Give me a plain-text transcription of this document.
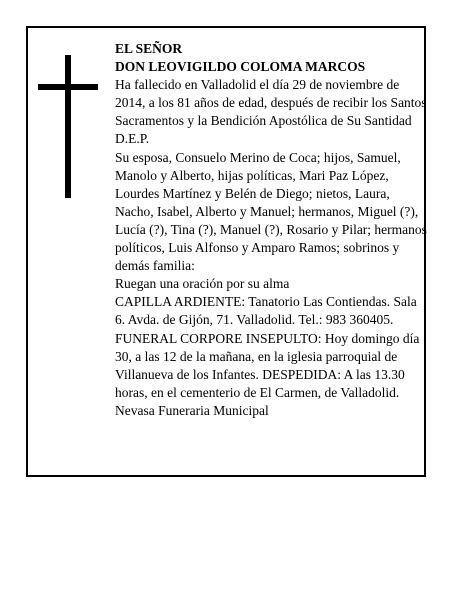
EL SEÑOR

DON LEOVIGILDO COLOMA MARCOS

Ha fallecido en Valladolid el día 29 de noviembre de 2014, a los 81 años de edad, después de recibir los Santos Sacramentos y la Bendición Apostólica de Su Santidad

D.E.P.

Su esposa, Consuelo Merino de Coca; hijos, Samuel, Manolo y Alberto, hijas políticas, Mari Paz López, Lourdes Martínez y Belén de Diego; nietos, Laura, Nacho, Isabel, Alberto y Manuel; hermanos, Miguel (?), Lucía (?), Tina (?), Manuel (?), Rosario y Pilar; hermanos políticos, Luis Alfonso y Amparo Ramos; sobrinos y demás familia:

Ruegan una oración por su alma

CAPILLA ARDIENTE: Tanatorio Las Contiendas. Sala 6. Avda. de Gijón, 71. Valladolid. Tel.: 983 360405.

FUNERAL CORPORE INSEPULTO: Hoy domingo día 30, a las 12 de la mañana, en la iglesia parroquial de Villanueva de los Infantes. DESPEDIDA: A las 13.30 horas, en el cementerio de El Carmen, de Valladolid.

Nevasa Funeraria Municipal
